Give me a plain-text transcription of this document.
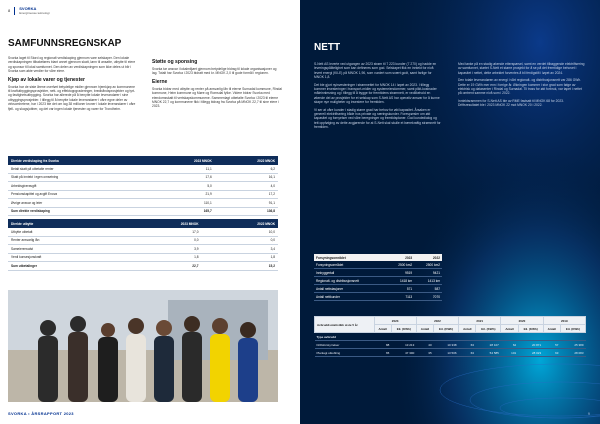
8 SVORKA
Energimesse teknologi
SAMFUNNSREGNSKAP

Svorka laget til Stord og regionalt verdiskaping gjennom vare selskaper. Den lokale verdiskapningen tilbakeføres blant annet gjennom skatt, lønn til ansatte, utbytte til eiere og sponsor til lokal samfunnet. Den delen av verdiskapningen som ikke deles ut blir i Svorka som økte verdier for våre eiere.

Kjøp av lokale varer og tjenester

Svorka har de siste årene overført betydelige midler gjennom hjemkjøp av kommunene til kraftutbyggingsprosjekter, nett- og effektoppgraderinger, bredbåndsprosjekter og tyrt- og fastighetsutbygging. Svorka har allerede på å benytte lokale leverandører i sine utbyggingsprosjekter. I tillegg til å benytte lokale leverandører i våre egne deler av virksomhetene, har i 2023 ble det om lag 38 millioner kroner i lokale leverandører i våre fjell- og skogsjobber, og det var ingen lokale tjenester og varer for Trondheim.

Støtte og sponsing

Svorka tar ansvar i lokalmiljøet gjennom betydelige bidrag til lokale organisasjoner og lag. Totalt har Svorka i 2023 bidratt med kr. MNOK 2,0 til gode formål i regionen.

Eierne

Svorka bidrar med utbytte og renter på ansvarlig lån til eierne Surnadal kommune, Rindal kommune, Heim kommune og Møre og Romsdal fylke. Videre bidrar Svorka med eiendomsskatt til vertskapskommunene. Sammenlagt utbetalte Svorka i 2023 til eierne MNOK 22,7 og kommunene fikk i tillegg bidrag fra Svorka på MNOK 22,7 til sine eiere i 2023.

Direkte verdiskaping fra Svorka	2023 MNOK	2022 MNOK
Betalt skatt på utbetalte renter	11,1	6,2
Skatt på inntekt i egen omsetning	17,6	16,1
Arbeidsgiveravgift	5,0	4,0
Pensionskapittel og avgift Enova	21,9	17,2
Øvrige ansvar og leier	110,1	91,1
Sum direkte verdiskaping	165,7	136,8
Direkte utbytte	2023 MNOK	2022 MNOK
Utbytte utbetalt	17,0	10,0
Renter ansvarlig lån	0,0	0,0
Sameierenvalst	3,9	3,4
Verdi konsesjonskraft	1,8	1,8
Sum utbetalinger	22,7	15,2
SVORKA • ÅRSRAPPORT 2023
NETT

S-Nett AS leverte ved utgangen av 2023 strøm til 7 223 kunder (7 270) og hadde en leveringspålitelighet som kan defineres som god. Selskapet fikk en inntekt for nivå levert energi (KILE) på MNOK 1,96, som vurdert som svært godt, samt farlige for MNOK 1,8.

Det ble gjort nyinvesteringer i strømnettet for MNOK 14 i løpet av 2023. I tillegg kommer investeringer i transport-midler og systemeiendommer, samt plikt-kostnader måleinnlesning og i tillegg til å bygge for fremtidens strømnett, er vedlikehold en økende del av prosjekter for et selskap som S-Nett AS har operativ ansvar for å kunne skape nye muligheter og investere for fremtiden.

Vi ser at våre kunder i stadig større grad har behov for økt kapasitet. Årsaken er generell elektrifisering både hos private og næringskunder. Forespørsler om økt kapasitet og fornyelser ved våre beregninger og fremtidsplaner. God kundedialog og tett oppfølging av dette avgjørende for at S-Nett skal skulle et bærekraftig strømnett for fremtiden.

Med tanke på en stadig økende etterspørsel, samt en verdet tilbaggende elektrifisering av samfunnet, startet S-Nett et større prosjekt for å se på det fremtidige behovet i kapasitet i nettet, dette arbeidet forventes å bli ferdigstilt i løpet av 2024.

Den totale leverandøren av energi i vårt regionalt- og distribusjonsnett var 286 GWh. Dette er 19 GWh mer enn i forrige år. Økningen kommer i stor grad som følge av elektrisk og datasenter i Rindal og Surnadal. Til tross for økt forbruk, var tapet i nettet på omtrent samme nivå som i 2022.

Inntektsrammen for S-Nett AS ble av RME fastsatt til MNOK 68 for 2023. Driftsresultatet ble i 2023 MNOK 22 mot MNOK 20 i 2022.

Forsyningsområdet	2023	2022
Forsyningsområdet	2500 km2	2500 km2
Innbyggertall	9519	9421
Regionalt- og distribusjonsnett	1418 km	1413 km
Antall nettstasjoner	571	587
Antall nettkunder	7113	7070
Avbruddsstatistikk siste 5 år	2023		2022		2021		2020		2019	
	Antall	Eil. (KWh)	Antall	Eil. (KWh)	Antall	Eil. (KWh)	Antall	Eil. (KWh)	Antall	Eil. (KWh)
Type avbrudd										
Driftsforstyrrelser	88	13 213	40	10 338	63	28 107	62	20 871	57	25 389
Planlagt utkobling	65	47 390	35	13 506	63	54 585	101	28 023	63	28 083
9
